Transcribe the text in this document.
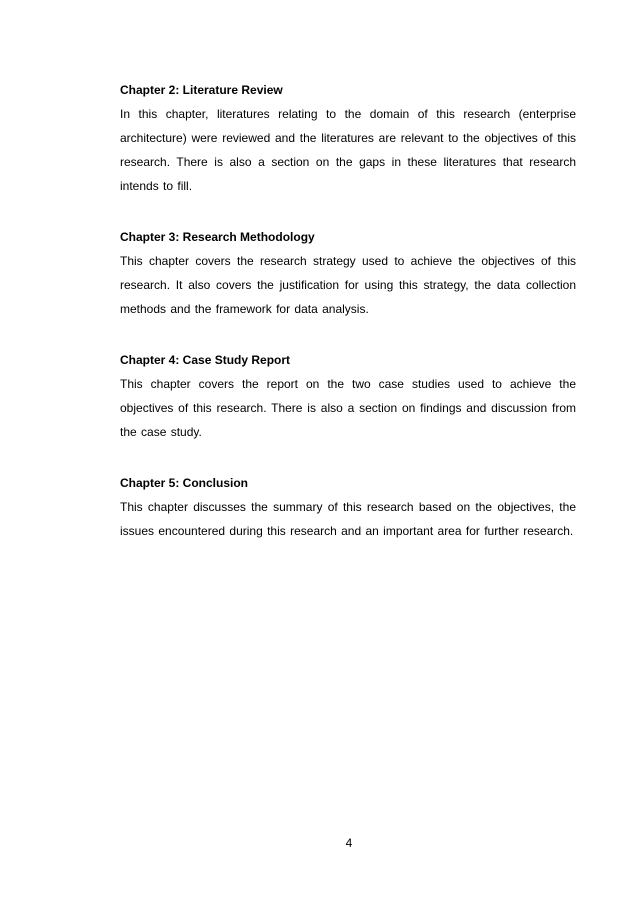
Chapter 2: Literature Review

In this chapter, literatures relating to the domain of this research (enterprise architecture) were reviewed and the literatures are relevant to the objectives of this research. There is also a section on the gaps in these literatures that research intends to fill.

Chapter 3: Research Methodology

This chapter covers the research strategy used to achieve the objectives of this research. It also covers the justification for using this strategy, the data collection methods and the framework for data analysis.

Chapter 4: Case Study Report

This chapter covers the report on the two case studies used to achieve the objectives of this research. There is also a section on findings and discussion from the case study.

Chapter 5: Conclusion

This chapter discusses the summary of this research based on the objectives, the issues encountered during this research and an important area for further research.

4
